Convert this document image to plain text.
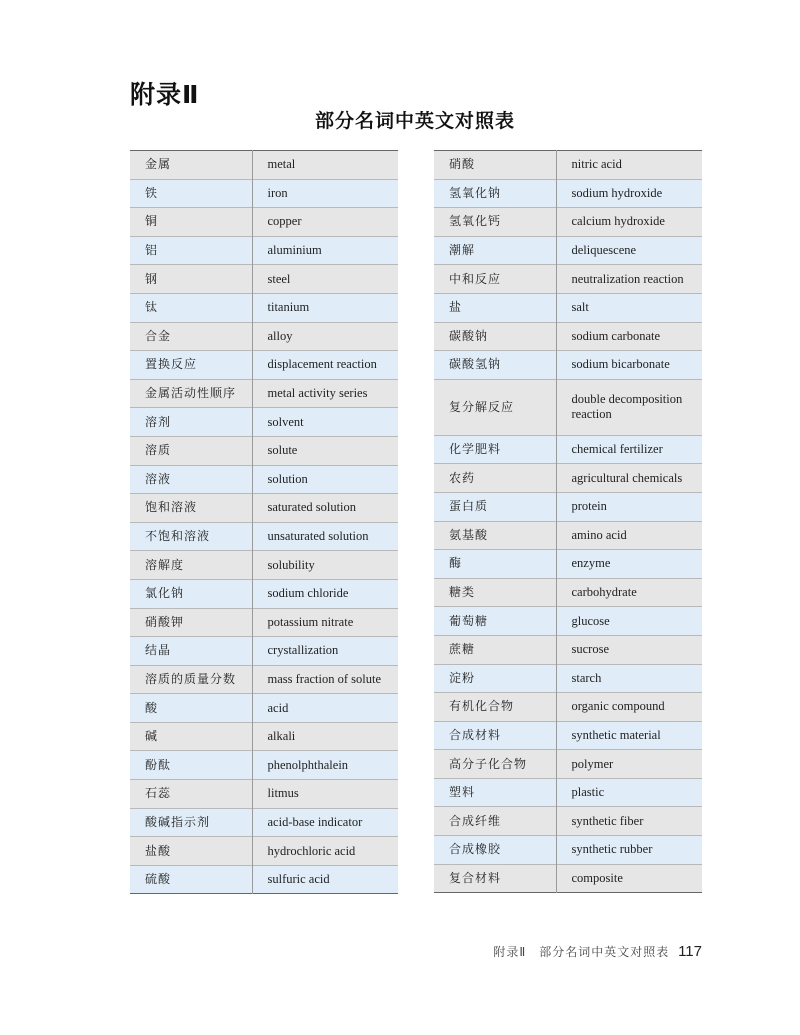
附录Ⅱ
部分名词中英文对照表
金属	metal
铁	iron
铜	copper
铝	aluminium
钢	steel
钛	titanium
合金	alloy
置换反应	displacement reaction
金属活动性顺序	metal activity series
溶剂	solvent
溶质	solute
溶液	solution
饱和溶液	saturated solution
不饱和溶液	unsaturated solution
溶解度	solubility
氯化钠	sodium chloride
硝酸钾	potassium nitrate
结晶	crystallization
溶质的质量分数	mass fraction of solute
酸	acid
碱	alkali
酚酞	phenolphthalein
石蕊	litmus
酸碱指示剂	acid-base indicator
盐酸	hydrochloric acid
硫酸	sulfuric acid
硝酸	nitric acid
氢氧化钠	sodium hydroxide
氢氧化钙	calcium hydroxide
潮解	deliquescene
中和反应	neutralization reaction
盐	salt
碳酸钠	sodium carbonate
碳酸氢钠	sodium bicarbonate
复分解反应	double decomposition reaction
化学肥料	chemical fertilizer
农药	agricultural chemicals
蛋白质	protein
氨基酸	amino acid
酶	enzyme
糖类	carbohydrate
葡萄糖	glucose
蔗糖	sucrose
淀粉	starch
有机化合物	organic compound
合成材料	synthetic material
高分子化合物	polymer
塑料	plastic
合成纤维	synthetic fiber
合成橡胶	synthetic rubber
复合材料	composite
附录Ⅱ　部分名词中英文对照表 117
